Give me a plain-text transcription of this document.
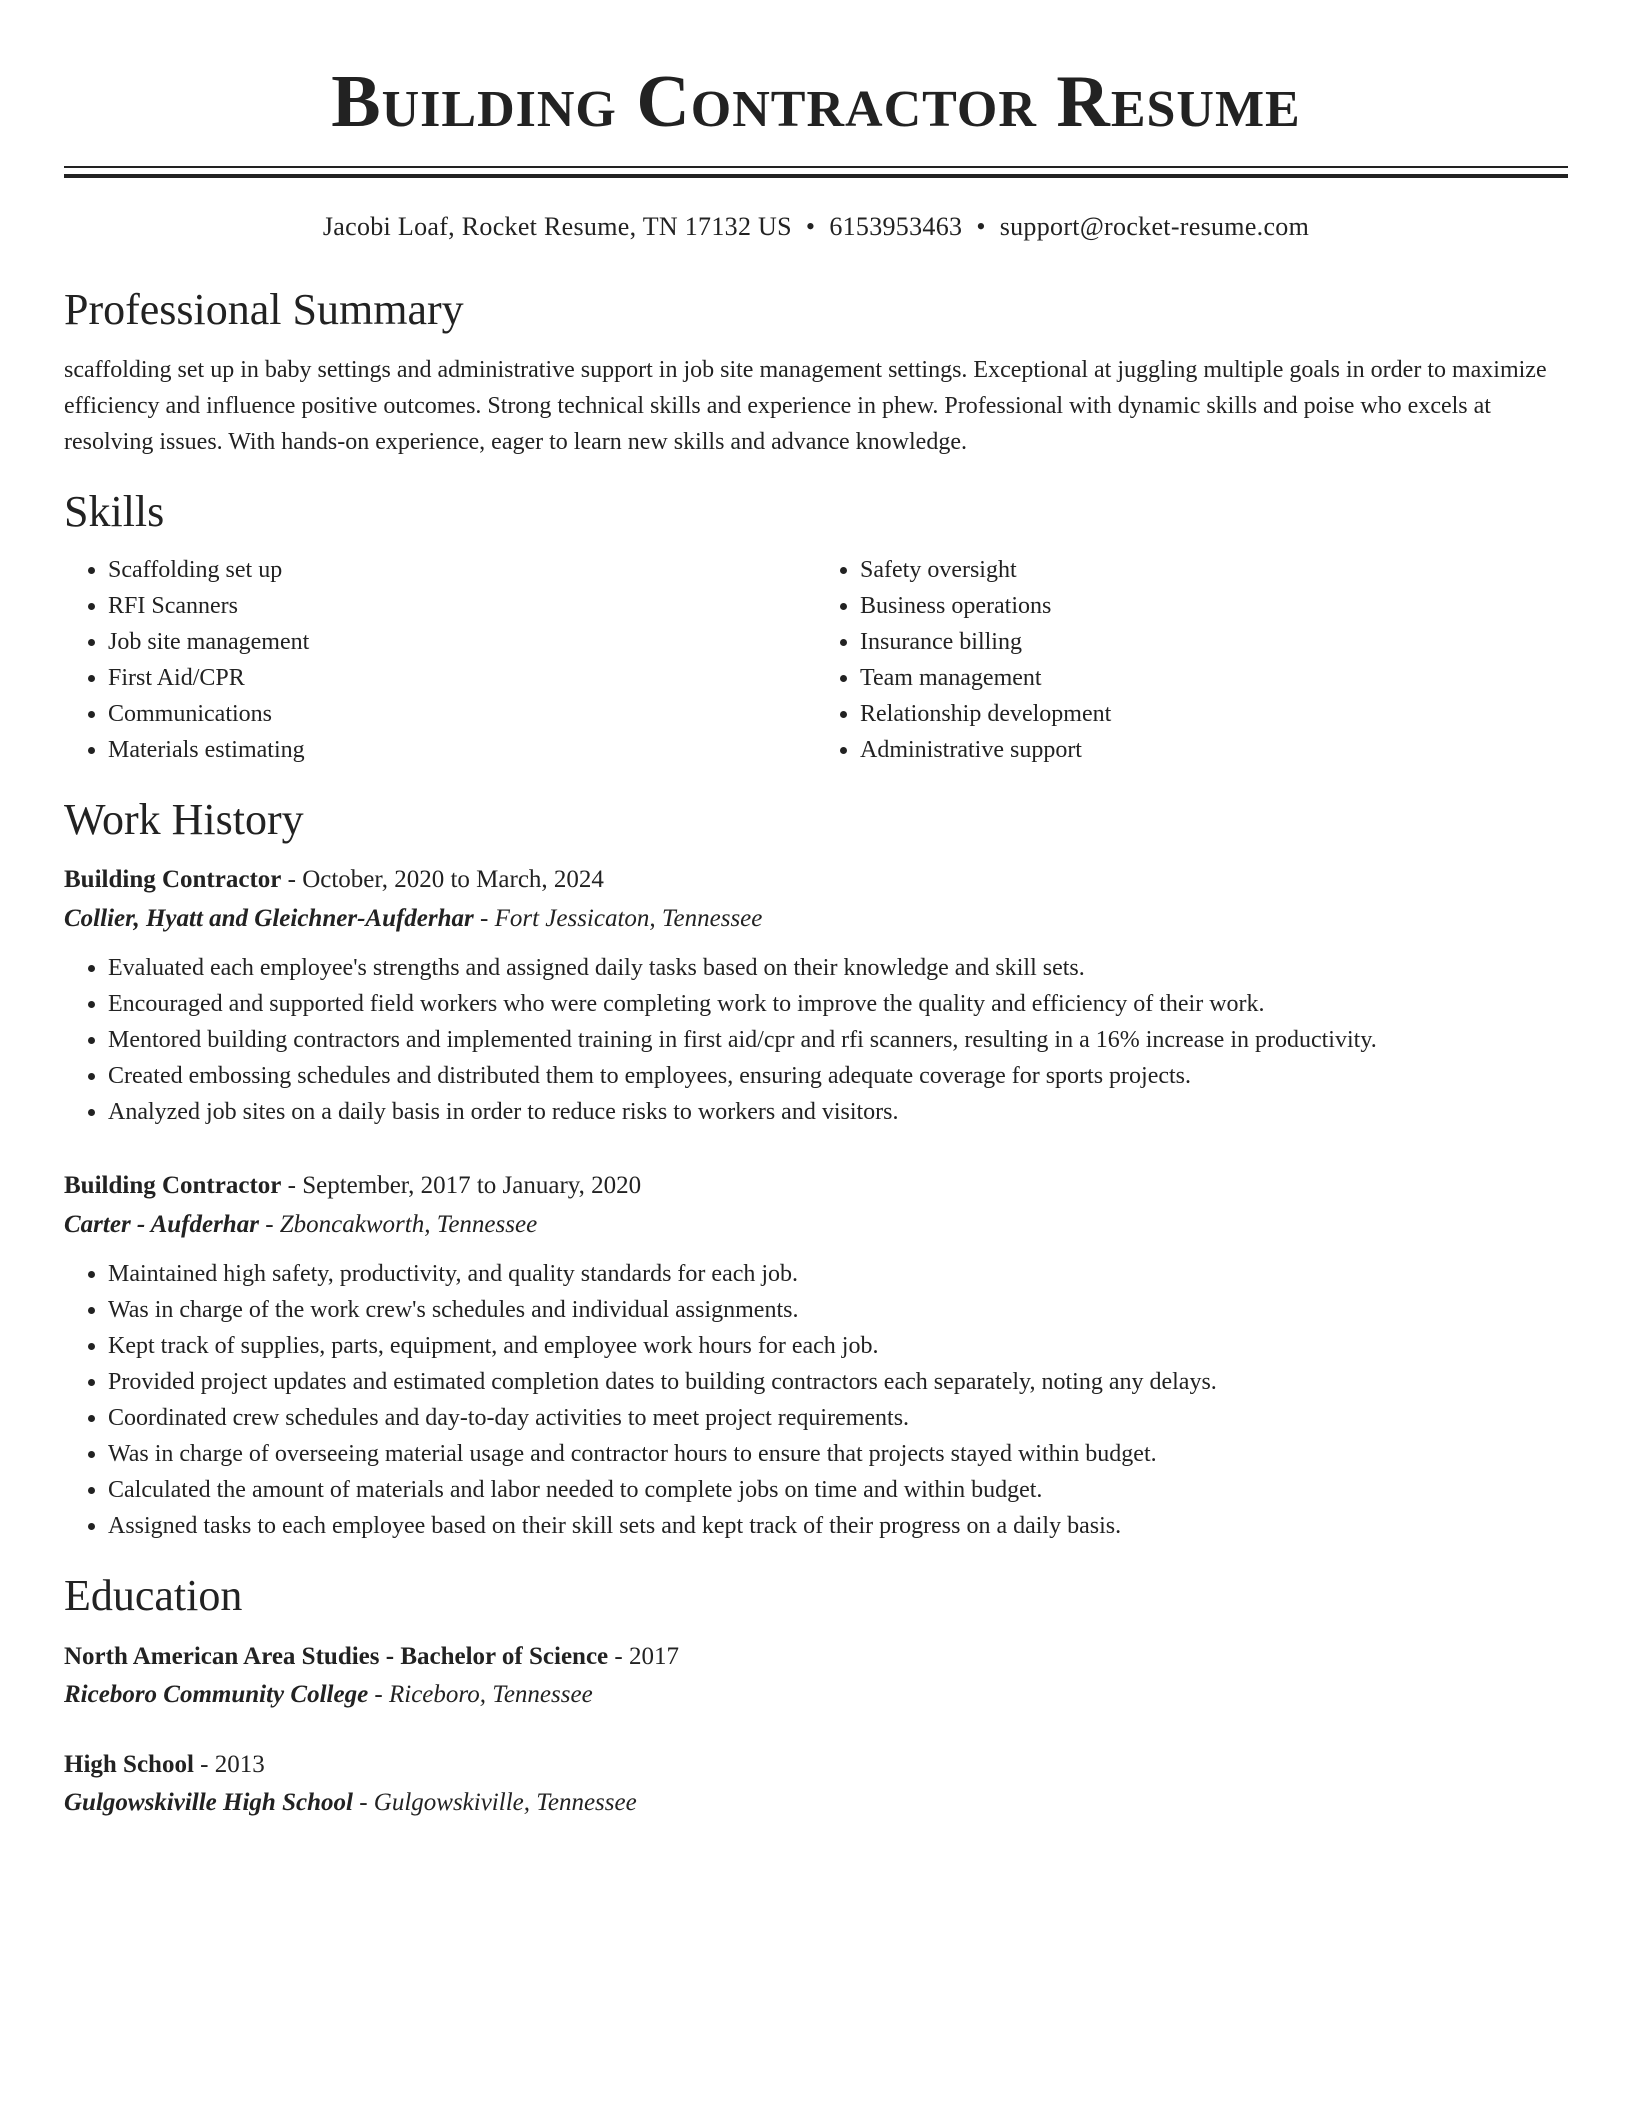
Building Contractor Resume
Jacobi Loaf, Rocket Resume, TN 17132 US • 6153953463 • support@rocket-resume.com
Professional Summary

scaffolding set up in baby settings and administrative support in job site management settings. Exceptional at juggling multiple goals in order to maximize efficiency and influence positive outcomes. Strong technical skills and experience in phew. Professional with dynamic skills and poise who excels at resolving issues. With hands-on experience, eager to learn new skills and advance knowledge.

Skills
• Scaffolding set up
• RFI Scanners
• Job site management
• First Aid/CPR
• Communications
• Materials estimating
• Safety oversight
• Business operations
• Insurance billing
• Team management
• Relationship development
• Administrative support
Work History
Building Contractor - October, 2020 to March, 2024
Collier, Hyatt and Gleichner-Aufderhar - Fort Jessicaton, Tennessee
• Evaluated each employee's strengths and assigned daily tasks based on their knowledge and skill sets.
• Encouraged and supported field workers who were completing work to improve the quality and efficiency of their work.
• Mentored building contractors and implemented training in first aid/cpr and rfi scanners, resulting in a 16% increase in productivity.
• Created embossing schedules and distributed them to employees, ensuring adequate coverage for sports projects.
• Analyzed job sites on a daily basis in order to reduce risks to workers and visitors.
Building Contractor - September, 2017 to January, 2020
Carter - Aufderhar - Zboncakworth, Tennessee
• Maintained high safety, productivity, and quality standards for each job.
• Was in charge of the work crew's schedules and individual assignments.
• Kept track of supplies, parts, equipment, and employee work hours for each job.
• Provided project updates and estimated completion dates to building contractors each separately, noting any delays.
• Coordinated crew schedules and day-to-day activities to meet project requirements.
• Was in charge of overseeing material usage and contractor hours to ensure that projects stayed within budget.
• Calculated the amount of materials and labor needed to complete jobs on time and within budget.
• Assigned tasks to each employee based on their skill sets and kept track of their progress on a daily basis.
Education
North American Area Studies - Bachelor of Science - 2017
Riceboro Community College - Riceboro, Tennessee
High School - 2013
Gulgowskiville High School - Gulgowskiville, Tennessee
